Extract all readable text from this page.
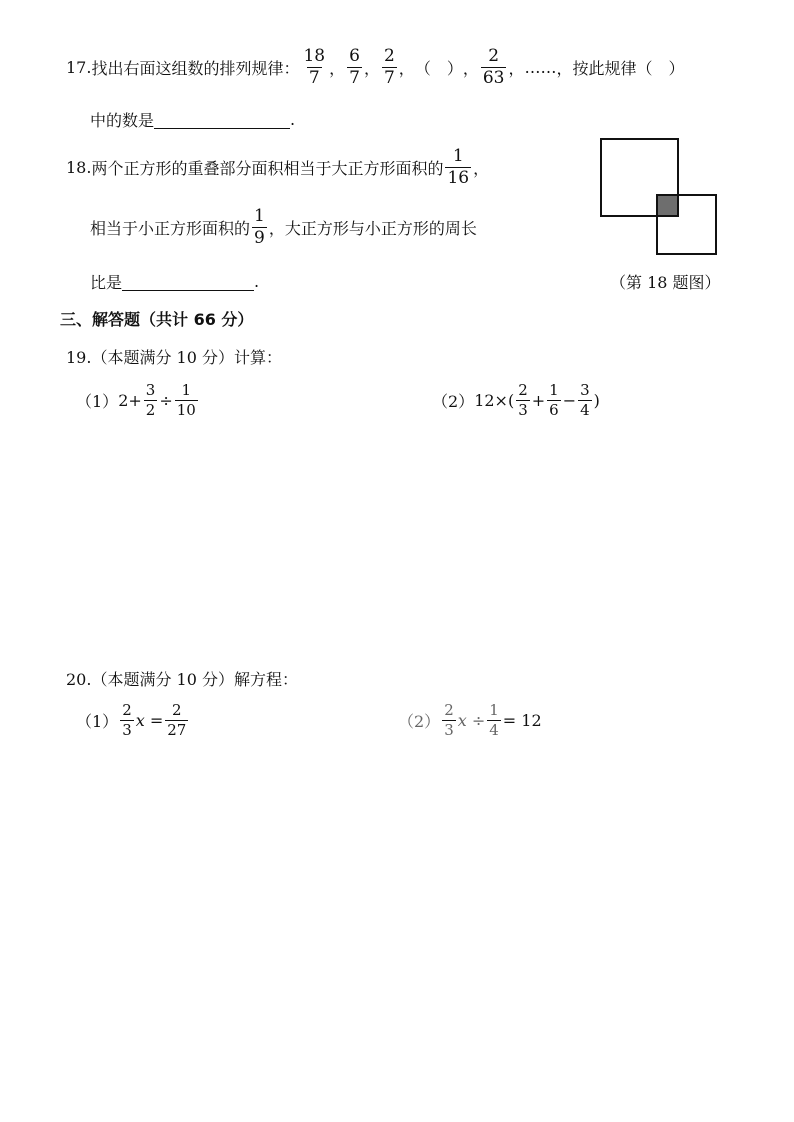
17. 找出右面这组数的排列规律： $\frac{18}{7}$ ， $\frac{6}{7}$ ， $\frac{2}{7}$ ， （　） ， $\frac{2}{63}$ ， …… ， 按此规律（　）
中的数是	.
18. 两个正方形的重叠部分面积相当于大正方形面积的 $\frac{1}{16}$ ，
相当于小正方形面积的 $\frac{1}{9}$ ， 大正方形与小正方形的周长
比是	.	（第 18 题图）
三、解答题（共计 66 分）
19.（本题满分 10 分）计算：
（1） $2+ \frac{3}{2} \div \frac{1}{10}$	（2） $12\times( \frac{2}{3} + \frac{1}{6} - \frac{3}{4}$ )
20.（本题满分 10 分）解方程：
$(1) \frac{2}{3}$ $x = \frac{2}{27}$	$(2) \frac{2}{3}$ $x \div \frac{1}{4} = 12$
